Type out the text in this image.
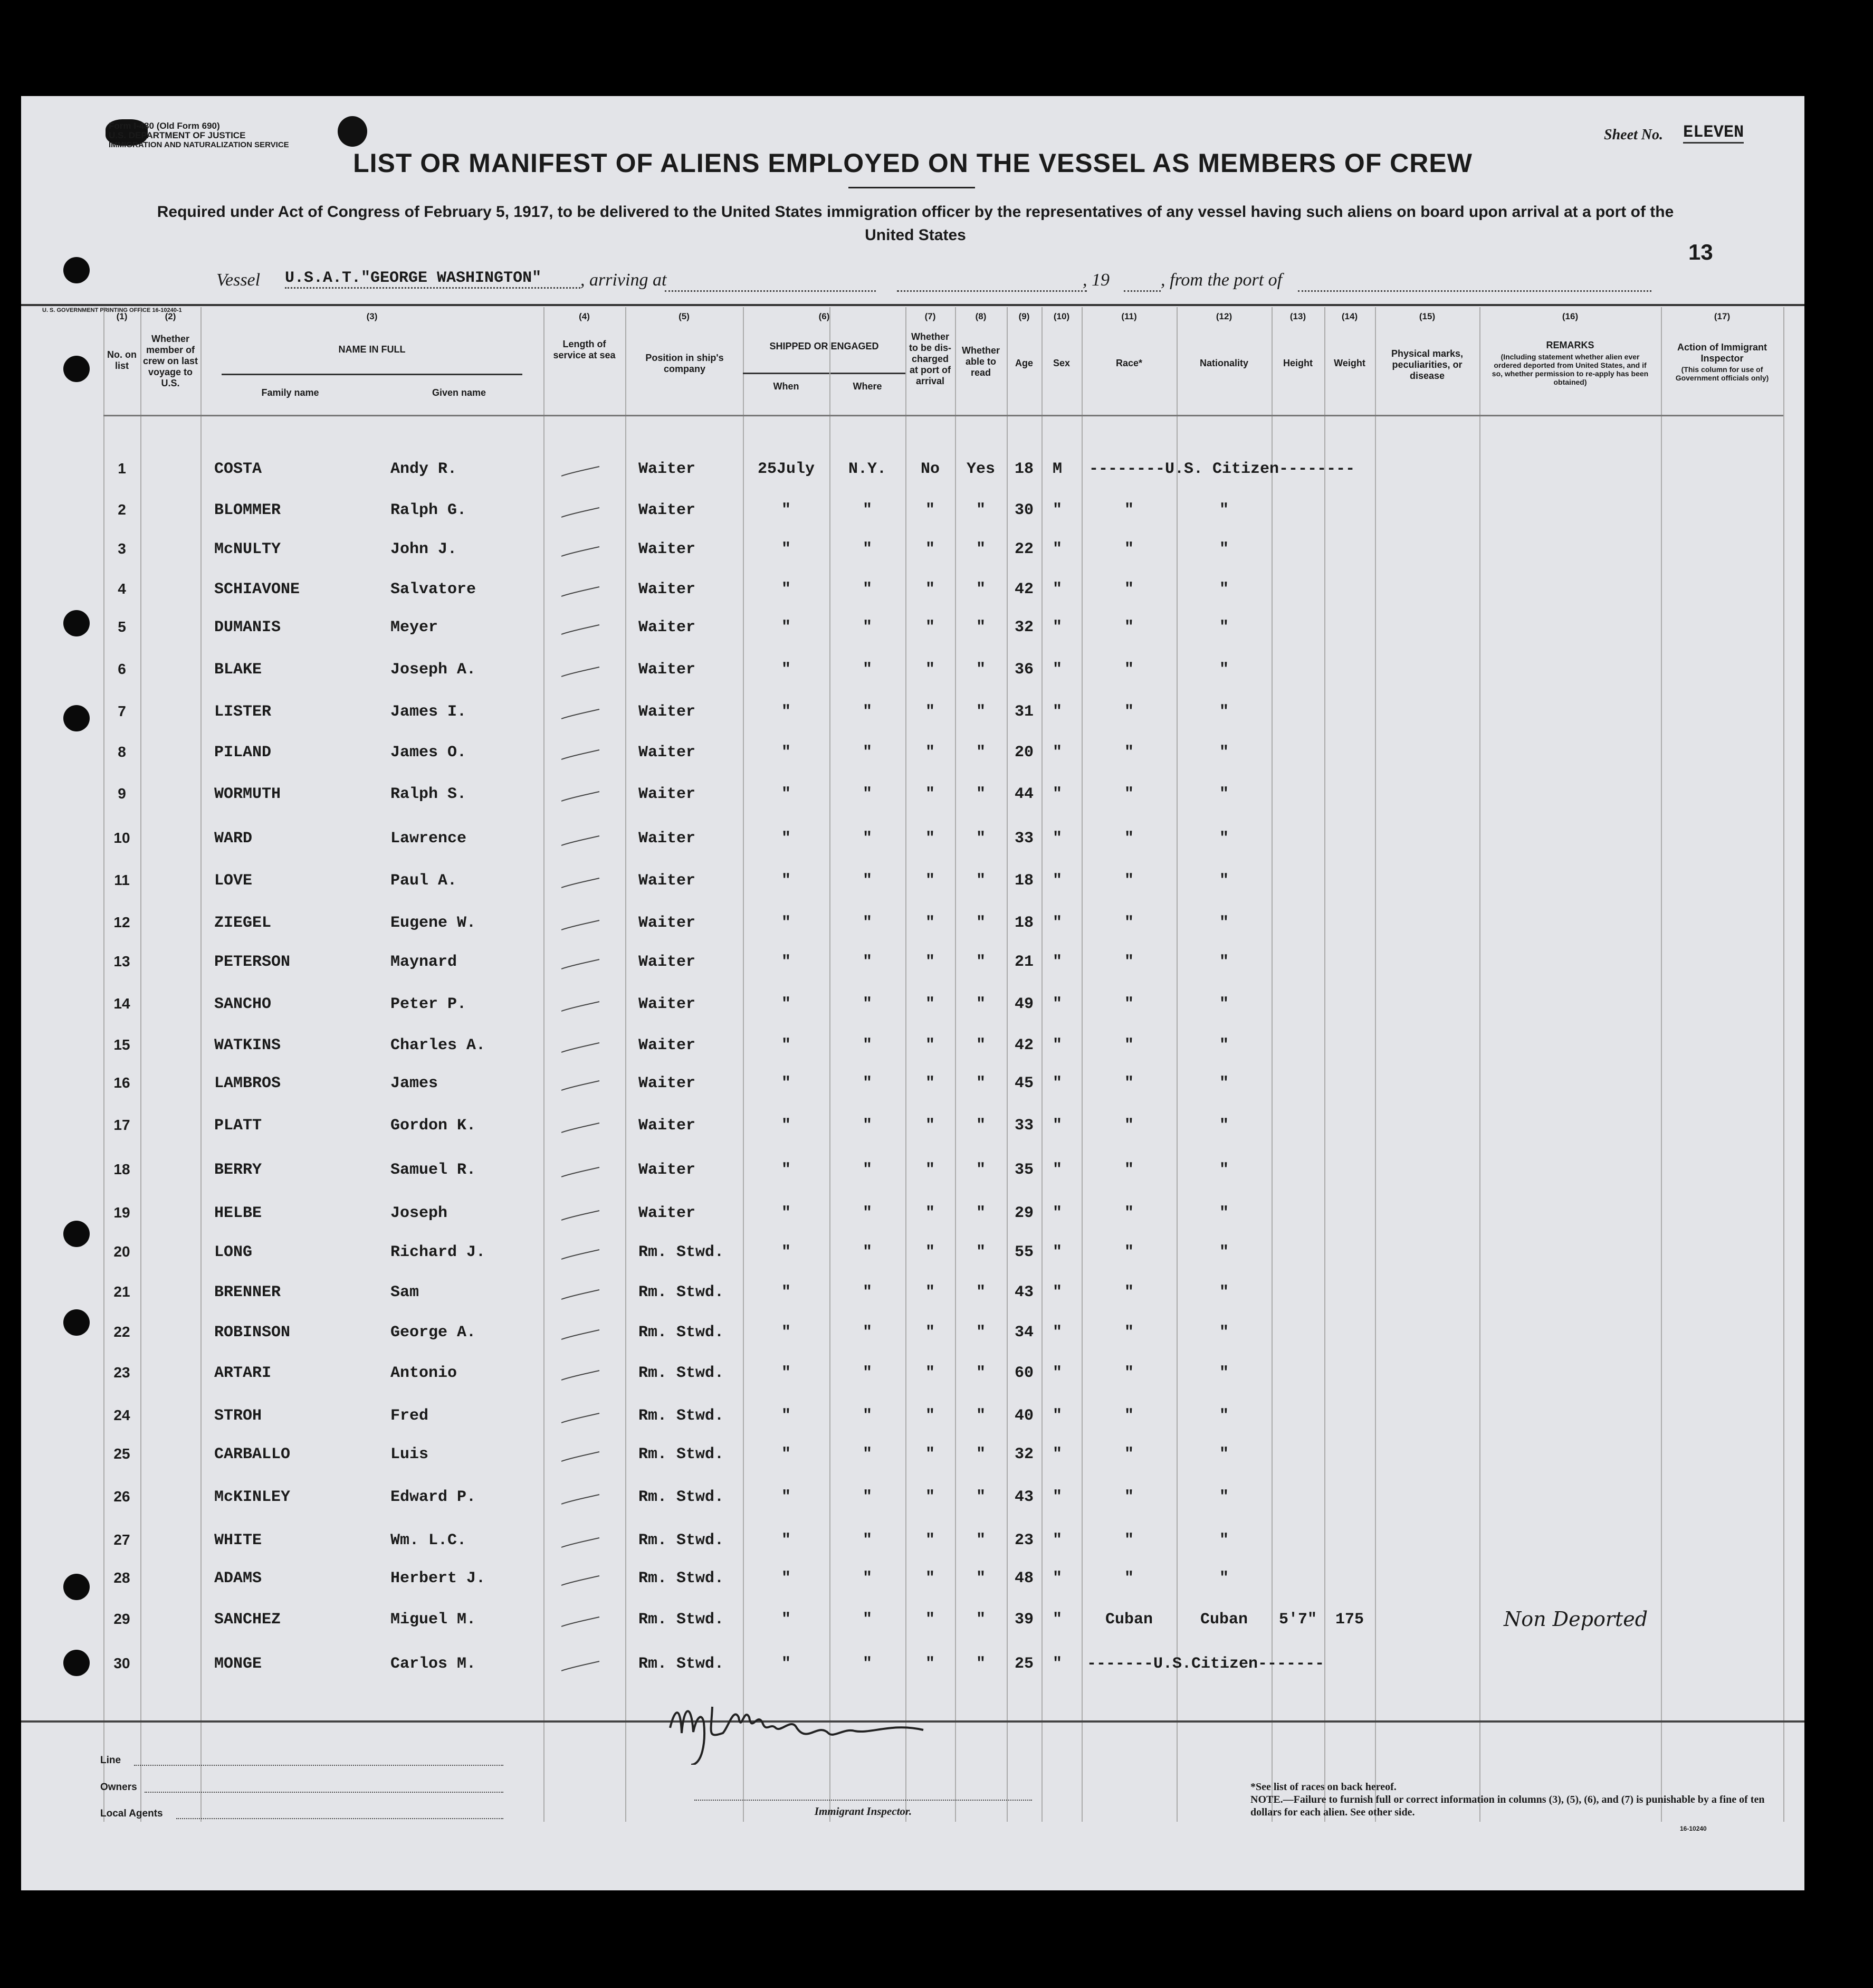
Form I-480 (Old Form 690)
U.S. DEPARTMENT OF JUSTICE
IMMIGRATION AND NATURALIZATION SERVICE
Sheet No. ELEVEN
LIST OR MANIFEST OF ALIENS EMPLOYED ON THE VESSEL AS MEMBERS OF CREW
Required under Act of Congress of February 5, 1917, to be delivered to the United States immigration officer by the representatives of any vessel having such aliens on board upon arrival at a port of the United States
13
Vessel U.S.A.T."GEORGE WASHINGTON"	, arriving at	, 19	, from the port of
U. S. GOVERNMENT PRINTING OFFICE 16-10240-1
(1)	(2)	(3)	(4)	(5)	(6)	(7)	(8)	(9)	(10)	(11)	(12)	(13)	(14)	(15)	(16)	(17)
No. on list
Whether member of crew on last voyage to U.S.
NAME IN FULL
Family name	Given name
Length of service at sea	Position in ship's company
SHIPPED OR ENGAGED
When	Where
Whether to be dis- charged at port of arrival
Whether able to read
Age	Sex	Race*	Nationality	Height	Weight
Physical marks, peculiarities, or disease
REMARKS
(Including statement whether alien ever ordered deported from United States, and if so, whether permission to re-apply has been obtained)
Action of Immigrant Inspector
(This column for use of Government officials only)
1	COSTA	Andy R.	Waiter	25July	N.Y.	No	Yes	18	M	--------U.S. Citizen--------
2	BLOMMER	Ralph G.	Waiter	"	"	"	"	30	"	"	"
3	McNULTY	John J.	Waiter	"	"	"	"	22	"	"	"
4	SCHIAVONE	Salvatore	Waiter	"	"	"	"	42	"	"	"
5	DUMANIS	Meyer	Waiter	"	"	"	"	32	"	"	"
6	BLAKE	Joseph A.	Waiter	"	"	"	"	36	"	"	"
7	LISTER	James I.	Waiter	"	"	"	"	31	"	"	"
8	PILAND	James O.	Waiter	"	"	"	"	20	"	"	"
9	WORMUTH	Ralph S.	Waiter	"	"	"	"	44	"	"	"
10	WARD	Lawrence	Waiter	"	"	"	"	33	"	"	"
11	LOVE	Paul A.	Waiter	"	"	"	"	18	"	"	"
12	ZIEGEL	Eugene W.	Waiter	"	"	"	"	18	"	"	"
13	PETERSON	Maynard	Waiter	"	"	"	"	21	"	"	"
14	SANCHO	Peter P.	Waiter	"	"	"	"	49	"	"	"
15	WATKINS	Charles A.	Waiter	"	"	"	"	42	"	"	"
16	LAMBROS	James	Waiter	"	"	"	"	45	"	"	"
17	PLATT	Gordon K.	Waiter	"	"	"	"	33	"	"	"
18	BERRY	Samuel R.	Waiter	"	"	"	"	35	"	"	"
19	HELBE	Joseph	Waiter	"	"	"	"	29	"	"	"
20	LONG	Richard J.	Rm. Stwd.	"	"	"	"	55	"	"	"
21	BRENNER	Sam	Rm. Stwd.	"	"	"	"	43	"	"	"
22	ROBINSON	George A.	Rm. Stwd.	"	"	"	"	34	"	"	"
23	ARTARI	Antonio	Rm. Stwd.	"	"	"	"	60	"	"	"
24	STROH	Fred	Rm. Stwd.	"	"	"	"	40	"	"	"
25	CARBALLO	Luis	Rm. Stwd.	"	"	"	"	32	"	"	"
26	McKINLEY	Edward P.	Rm. Stwd.	"	"	"	"	43	"	"	"
27	WHITE	Wm. L.C.	Rm. Stwd.	"	"	"	"	23	"	"	"
28	ADAMS	Herbert J.	Rm. Stwd.	"	"	"	"	48	"	"	"
29	SANCHEZ	Miguel M.	Rm. Stwd.	"	"	"	"	39	"	Cuban	Cuban	5'7"	175	Non Deported
30	MONGE	Carlos M.	Rm. Stwd.	"	"	"	"	25	"	-------U.S.Citizen-------
Line
Owners
Local Agents	Immigrant Inspector.
*See list of races on back hereof.
NOTE.—Failure to furnish full or correct information in columns (3), (5), (6), and (7) is punishable by a fine of ten dollars for each alien. See other side.
16-10240
